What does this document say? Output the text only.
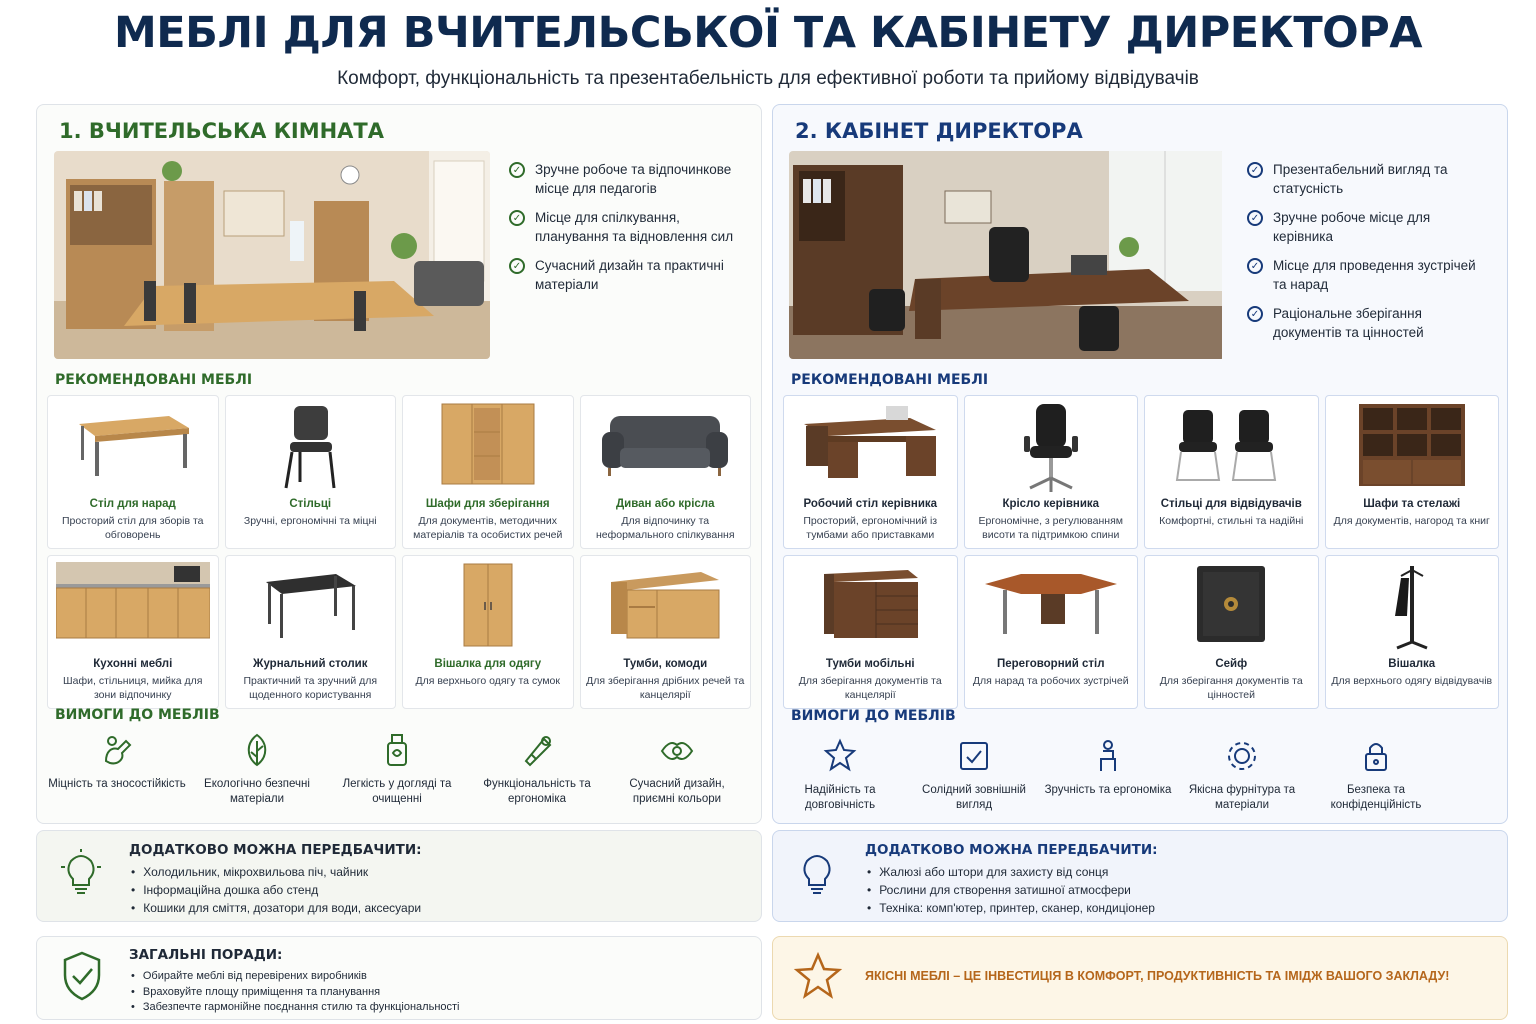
МЕБЛІ ДЛЯ ВЧИТЕЛЬСЬКОЇ ТА КАБІНЕТУ ДИРЕКТОРА
Комфорт, функціональність та презентабельність для ефективної роботи та прийому відвідувачів
1. ВЧИТЕЛЬСЬКА КІМНАТА
✓ Зручне робоче та відпочинкове місце для педагогів
✓ Місце для спілкування, планування та відновлення сил
✓ Сучасний дизайн та практичні матеріали
РЕКОМЕНДОВАНІ МЕБЛІ
Стіл для нарад
Просторий стіл для зборів та обговорень
Стільці
Зручні, ергономічні та міцні
Шафи для зберігання
Для документів, методичних матеріалів та особистих речей
Диван або крісла
Для відпочинку та неформального спілкування
Кухонні меблі
Шафи, стільниця, мийка для зони відпочинку
Журнальний столик
Практичний та зручний для щоденного користування
Вішалка для одягу
Для верхнього одягу та сумок
Тумби, комоди
Для зберігання дрібних речей та канцелярії
ВИМОГИ ДО МЕБЛІВ
Міцність та зносостійкість	Екологічно безпечні матеріали
Легкість у догляді та очищенні
Функціональність та ергономіка
Сучасний дизайн, приємні кольори
2. КАБІНЕТ ДИРЕКТОРА
✓ Презентабельний вигляд та статусність
✓ Зручне робоче місце для керівника
✓ Місце для проведення зустрічей та нарад
✓ Раціональне зберігання документів та цінностей
РЕКОМЕНДОВАНІ МЕБЛІ
Робочий стіл керівника
Просторий, ергономічний із тумбами або приставками
Крісло керівника
Ергономічне, з регулюванням висоти та підтримкою спини
Стільці для відвідувачів
Комфортні, стильні та надійні
Шафи та стелажі
Для документів, нагород та книг
Тумби мобільні
Для зберігання документів та канцелярії
Переговорний стіл
Для нарад та робочих зустрічей
Сейф
Для зберігання документів та цінностей
Вішалка
Для верхнього одягу відвідувачів
ВИМОГИ ДО МЕБЛІВ
Надійність та довговічність
Солідний зовнішній вигляд
Зручність та ергономіка	Якісна фурнітура та матеріали
Безпека та конфіденційність
ДОДАТКОВО МОЖНА ПЕРЕДБАЧИТИ:
• Холодильник, мікрохвильова піч, чайник
• Інформаційна дошка або стенд
• Кошики для сміття, дозатори для води, аксесуари
ДОДАТКОВО МОЖНА ПЕРЕДБАЧИТИ:
• Жалюзі або штори для захисту від сонця
• Рослини для створення затишної атмосфери
• Техніка: комп'ютер, принтер, сканер, кондиціонер
ЗАГАЛЬНІ ПОРАДИ:
• Обирайте меблі від перевірених виробників
• Враховуйте площу приміщення та планування
• Забезпечте гармонійне поєднання стилю та функціональності
ЯКІСНІ МЕБЛІ – ЦЕ ІНВЕСТИЦІЯ В КОМФОРТ, ПРОДУКТИВНІСТЬ ТА ІМІДЖ ВАШОГО ЗАКЛАДУ!
